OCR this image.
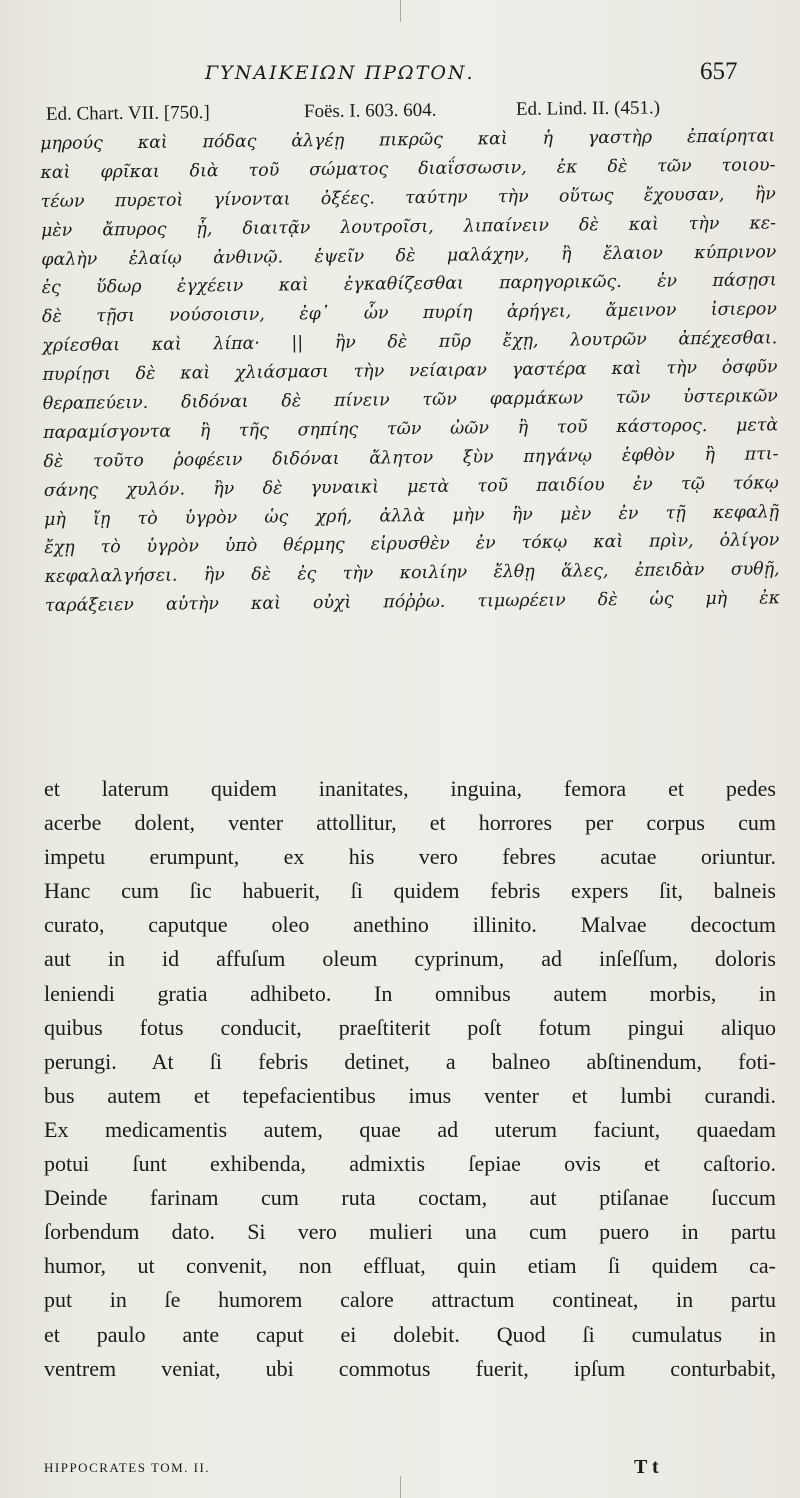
ΓΥΝΑΙΚΕΙΩΝ ΠΡΩΤΟΝ.	657
Ed. Chart. VII. [750.]	Foës. I. 603. 604.	Ed. Lind. II. (451.)
μηρούς καὶ πόδας ἀλγέῃ πικρῶς καὶ ἡ γαστὴρ ἐπαίρηται
καὶ φρῖκαι διὰ τοῦ σώματος διαΐσσωσιν, ἐκ δὲ τῶν τοιου-
τέων πυρετοὶ γίνονται ὀξέες. ταύτην τὴν οὕτως ἔχουσαν, ἢν
μὲν ἄπυρος ᾖ, διαιτᾷν λουτροῖσι, λιπαίνειν δὲ καὶ τὴν κε-
φαλὴν ἐλαίῳ ἀνθινῷ. ἑψεῖν δὲ μαλάχην, ἢ ἔλαιον κύπρινον
ἐς ὕδωρ ἐγχέειν καὶ ἐγκαθίζεσθαι παρηγορικῶς. ἐν πάσῃσι
δὲ τῇσι νούσοισιν, ἐφ᾽ ὧν πυρίη ἀρήγει, ἄμεινον ἰσιερον
χρίεσθαι καὶ λίπα· || ἢν δὲ πῦρ ἔχῃ, λουτρῶν ἀπέχεσθαι.
πυρίῃσι δὲ καὶ χλιάσμασι τὴν νείαιραν γαστέρα καὶ τὴν ὀσφῦν
θεραπεύειν. διδόναι δὲ πίνειν τῶν φαρμάκων τῶν ὑστερικῶν
παραμίσγοντα ἢ τῆς σηπίης τῶν ὠῶν ἢ τοῦ κάστορος. μετὰ
δὲ τοῦτο ῥοφέειν διδόναι ἄλητον ξὺν πηγάνῳ ἑφθὸν ἢ πτι-
σάνης χυλόν. ἢν δὲ γυναικὶ μετὰ τοῦ παιδίου ἐν τῷ τόκῳ
μὴ ἴῃ τὸ ὑγρὸν ὡς χρή, ἀλλὰ μὴν ἢν μὲν ἐν τῇ κεφαλῇ
ἔχῃ τὸ ὑγρὸν ὑπὸ θέρμης εἰρυσθὲν ἐν τόκῳ καὶ πρὶν, ὀλίγον
κεφαλαλγήσει. ἢν δὲ ἐς τὴν κοιλίην ἔλθῃ ἅλες, ἐπειδὰν συθῇ,
ταράξειεν αὐτὴν καὶ οὐχὶ πόῤῥω. τιμωρέειν δὲ ὡς μὴ ἐκ
et laterum quidem inanitates, inguina, femora et pedes
acerbe dolent, venter attollitur, et horrores per corpus cum
impetu erumpunt, ex his vero febres acutae oriuntur.
Hanc cum ſic habuerit, ſi quidem febris expers ſit, balneis
curato, caputque oleo anethino illinito. Malvae decoctum
aut in id affuſum oleum cyprinum, ad inſeſſum, doloris
leniendi gratia adhibeto. In omnibus autem morbis, in
quibus fotus conducit, praeſtiterit poſt fotum pingui aliquo
perungi. At ſi febris detinet, a balneo abſtinendum, foti-
bus autem et tepefacientibus imus venter et lumbi curandi.
Ex medicamentis autem, quae ad uterum faciunt, quaedam
potui ſunt exhibenda, admixtis ſepiae ovis et caſtorio.
Deinde farinam cum ruta coctam, aut ptiſanae ſuccum
ſorbendum dato. Si vero mulieri una cum puero in partu
humor, ut convenit, non effluat, quin etiam ſi quidem ca-
put in ſe humorem calore attractum contineat, in partu
et paulo ante caput ei dolebit. Quod ſi cumulatus in
ventrem veniat, ubi commotus fuerit, ipſum conturbabit,
HIPPOCRATES TOM. II.	T t
